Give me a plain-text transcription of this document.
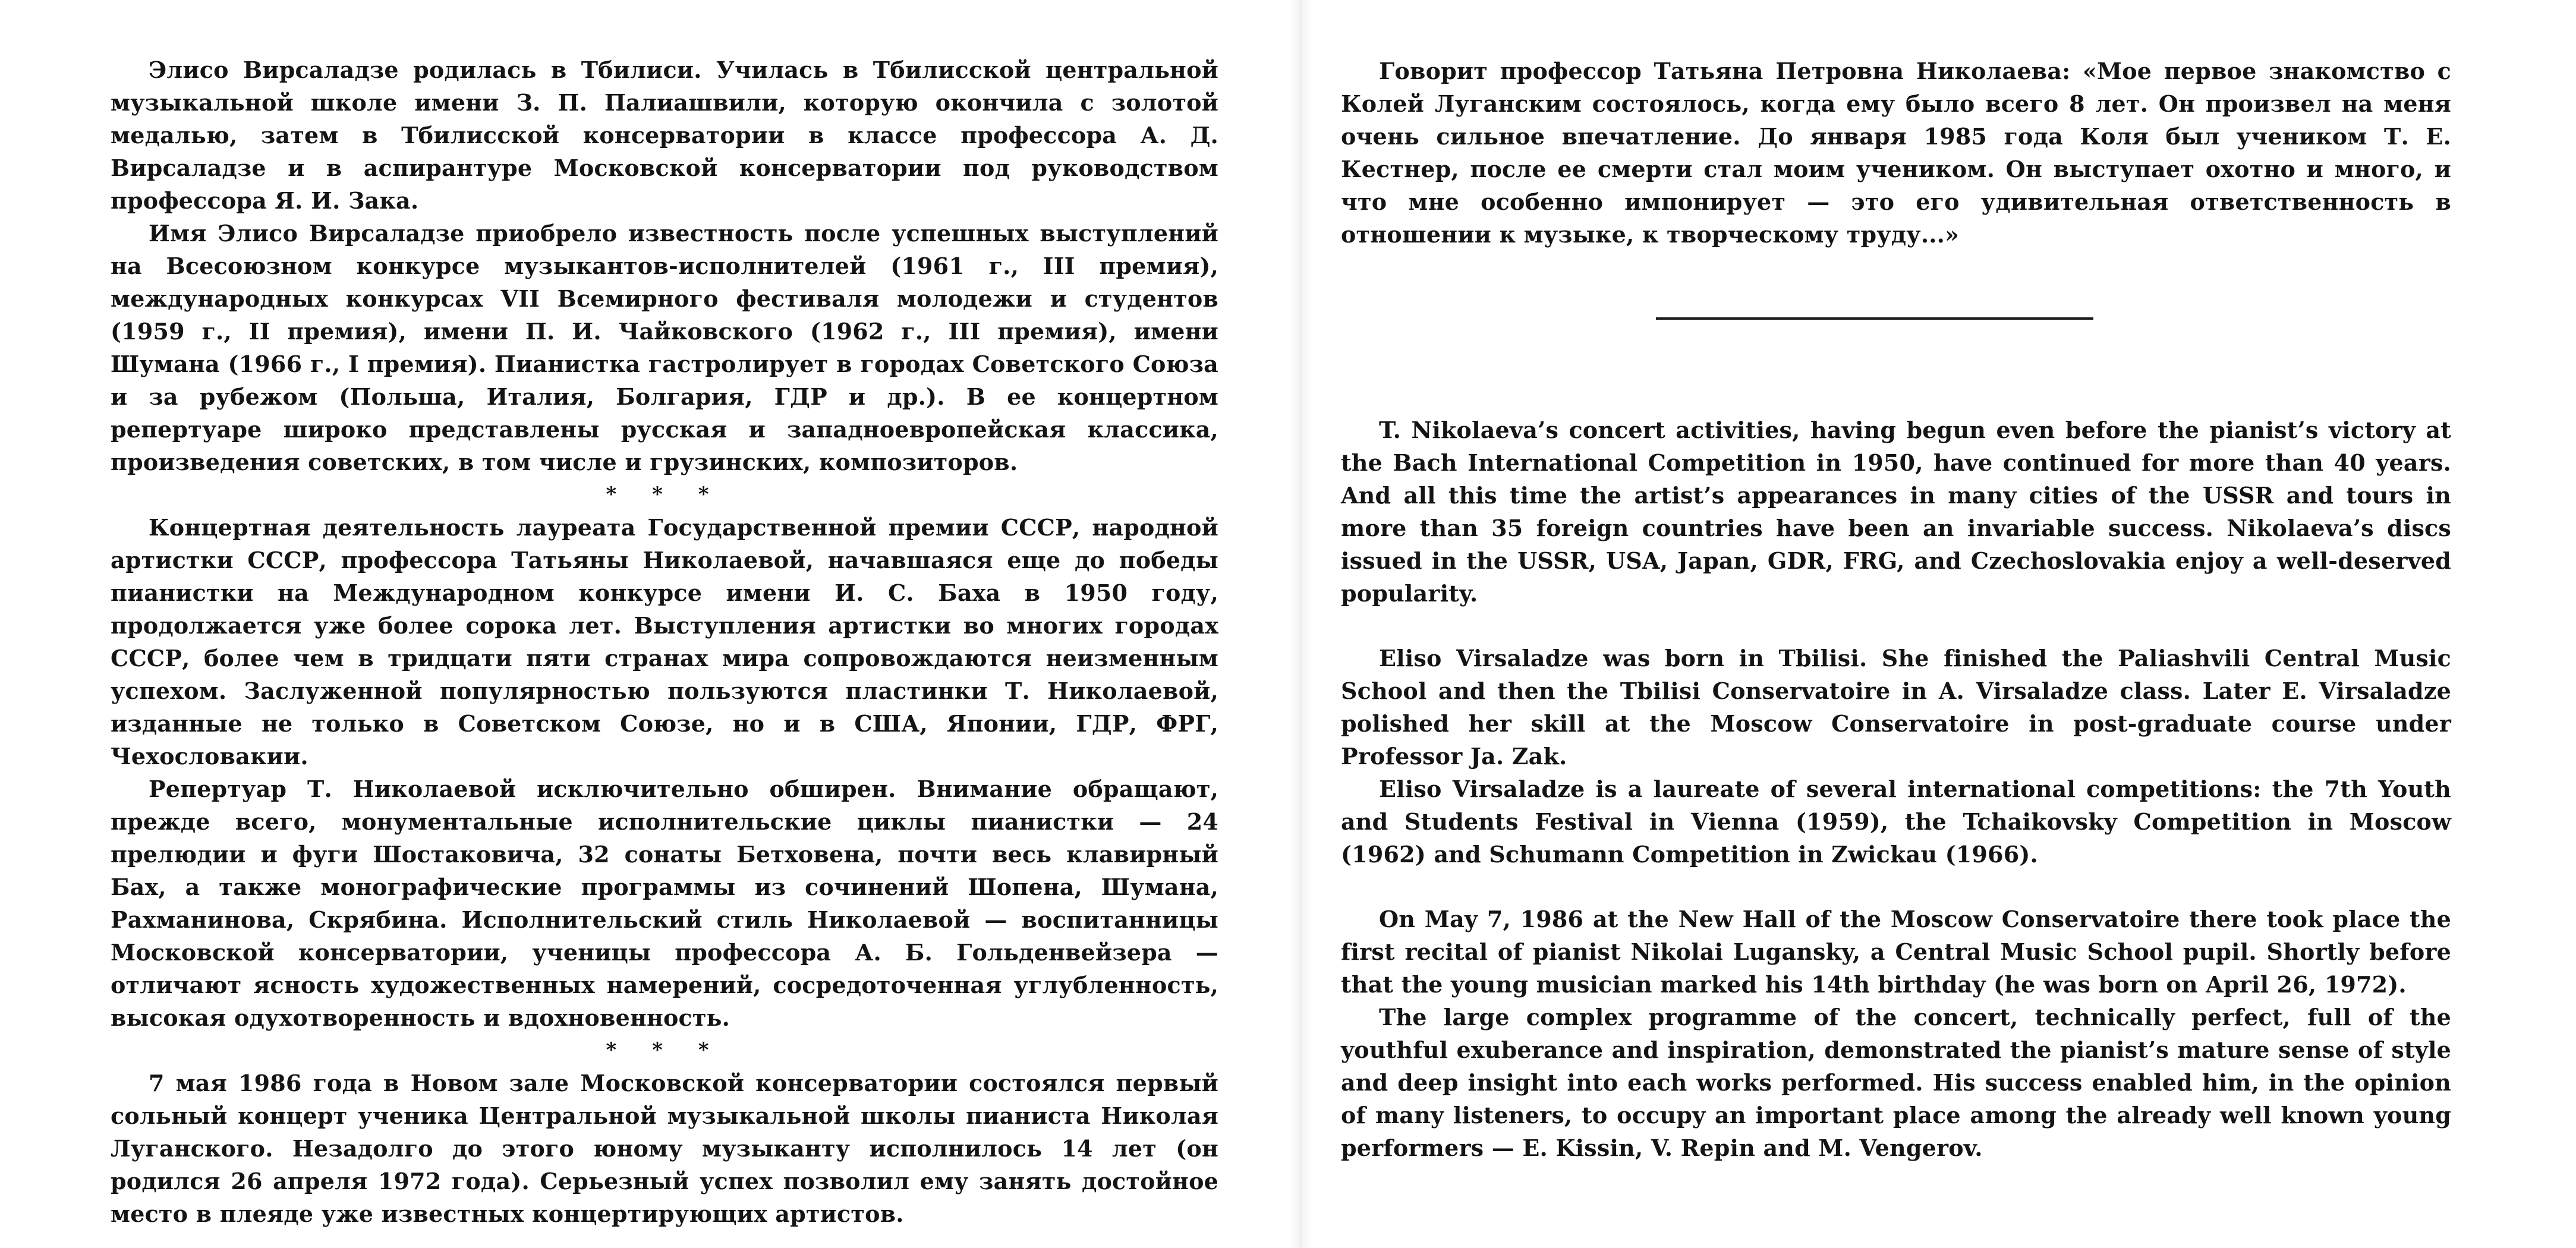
Элисо Вирсаладзе родилась в Тбилиси. Училась в Тбилисской центральной музыкальной школе имени З. П. Палиашвили, которую окончила с золотой медалью, затем в Тбилисской консерватории в классе профессора А. Д. Вирсаладзе и в аспирантуре Московской консерватории под руководством профессора Я. И. Зака.

Имя Элисо Вирсаладзе приобрело известность после успешных выступлений на Всесоюзном конкурсе музыкантов-исполнителей (1961 г., III премия), международных конкурсах VII Всемирного фестиваля молодежи и студентов (1959 г., II премия), имени П. И. Чайковского (1962 г., III премия), имени Шумана (1966 г., I премия). Пианистка гастролирует в городах Советского Союза и за рубежом (Польша, Италия, Болгария, ГДР и др.). В ее концертном репертуаре широко представлены русская и западноевропейская классика, произведения советских, в том числе и грузинских, композиторов.

* * *

Концертная деятельность лауреата Государственной премии СССР, народной артистки СССР, профессора Татьяны Николаевой, начавшаяся еще до победы пианистки на Международном конкурсе имени И. С. Баха в 1950 году, продолжается уже более сорока лет. Выступления артистки во многих городах СССР, более чем в тридцати пяти странах мира сопровождаются неизменным успехом. Заслуженной популярностью пользуются пластинки Т. Николаевой, изданные не только в Советском Союзе, но и в США, Японии, ГДР, ФРГ, Чехословакии.

Репертуар Т. Николаевой исключительно обширен. Внимание обращают, прежде всего, монументальные исполнительские циклы пианистки — 24 прелюдии и фуги Шостаковича, 32 сонаты Бетховена, почти весь клавирный Бах, а также монографические программы из сочинений Шопена, Шумана, Рахманинова, Скрябина. Исполнительский стиль Николаевой — воспитанницы Московской консерватории, ученицы профессора А. Б. Гольденвейзера — отличают ясность художественных намерений, сосредоточенная углубленность, высокая одухотворенность и вдохновенность.

* * *

7 мая 1986 года в Новом зале Московской консерватории состоялся первый сольный концерт ученика Центральной музыкальной школы пианиста Николая Луганского. Незадолго до этого юному музыканту исполнилось 14 лет (он родился 26 апреля 1972 года). Серьезный успех позволил ему занять достойное место в плеяде уже известных концертирующих артистов.

Говорит профессор Татьяна Петровна Николаева: «Мое первое знакомство с Колей Луганским состоялось, когда ему было всего 8 лет. Он произвел на меня очень сильное впечатление. До января 1985 года Коля был учеником Т. Е. Кестнер, после ее смерти стал моим учеником. Он выступает охотно и много, и что мне особенно импонирует — это его удивительная ответственность в отношении к музыке, к творческому труду...»

T. Nikolaeva’s concert activities, having begun even before the pianist’s victory at the Bach International Competition in 1950, have continued for more than 40 years. And all this time the artist’s appearances in many cities of the USSR and tours in more than 35 foreign countries have been an invariable success. Nikolaeva’s discs issued in the USSR, USA, Japan, GDR, FRG, and Czechoslovakia enjoy a well-deserved popularity.

Eliso Virsaladze was born in Tbilisi. She finished the Paliashvili Central Music School and then the Tbilisi Conservatoire in A. Virsaladze class. Later E. Virsaladze polished her skill at the Moscow Conservatoire in post-graduate course under Professor Ja. Zak.

Eliso Virsaladze is a laureate of several international competitions: the 7th Youth and Students Festival in Vienna (1959), the Tchaikovsky Competition in Moscow (1962) and Schumann Competition in Zwickau (1966).

On May 7, 1986 at the New Hall of the Moscow Conservatoire there took place the first recital of pianist Nikolai Lugansky, a Central Music School pupil. Shortly before that the young musician marked his 14th birthday (he was born on April 26, 1972).

The large complex programme of the concert, technically perfect, full of the youthful exuberance and inspiration, demonstrated the pianist’s mature sense of style and deep insight into each works performed. His success enabled him, in the opinion of many listeners, to occupy an important place among the already well known young performers — E. Kissin, V. Repin and M. Vengerov.
